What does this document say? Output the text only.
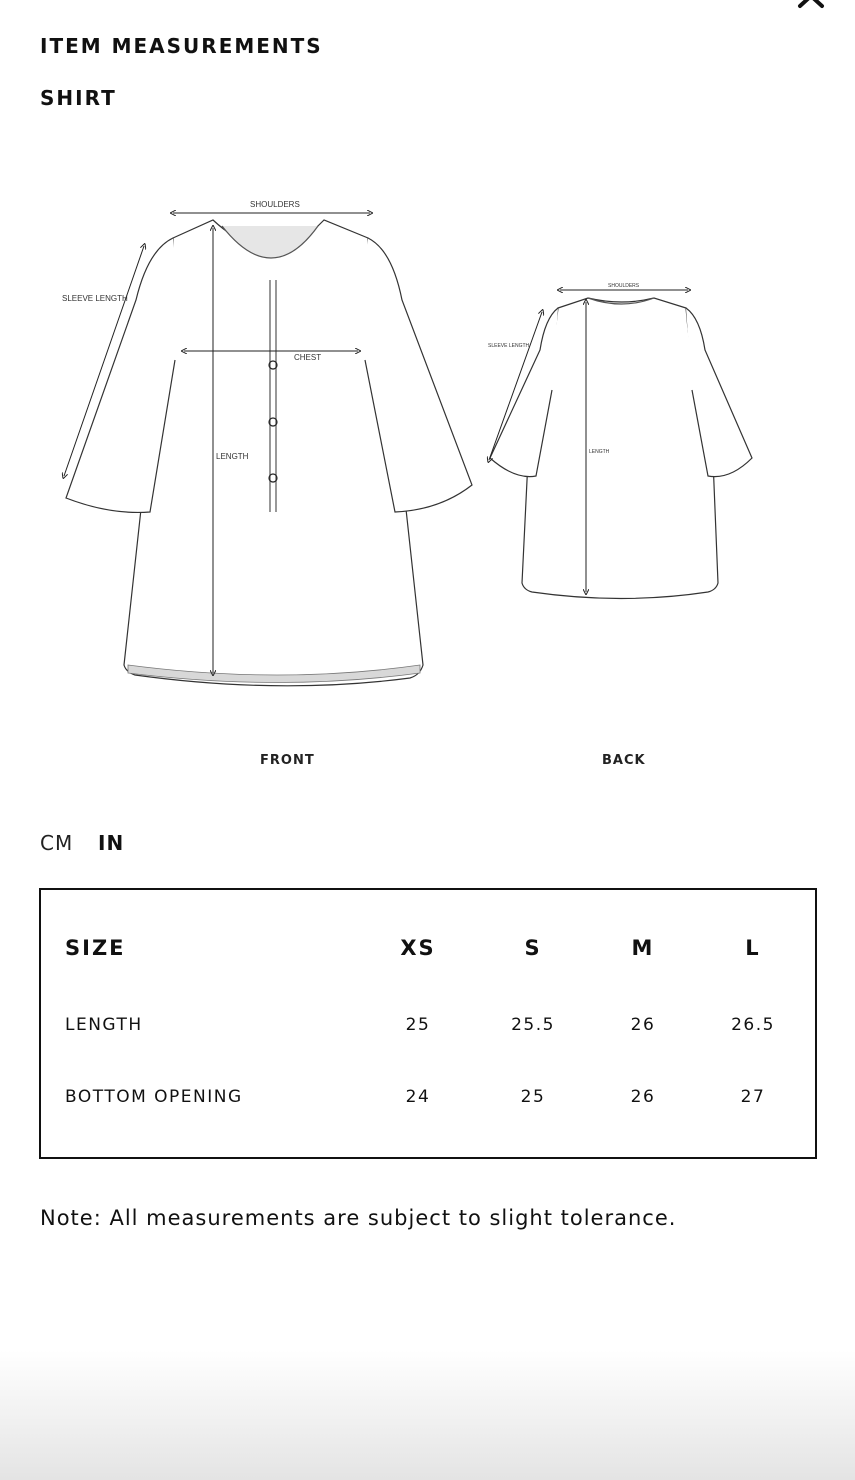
ITEM MEASUREMENTS
SHIRT
SHOULDERS
SLEEVE LENGTH
CHEST
LENGTH
SHOULDERS
SLEEVE LENGTH
LENGTH
FRONT	BACK
CM IN
SIZE	XS	S	M	L
LENGTH	25	25.5	26	26.5
BOTTOM OPENING	24	25	26	27
Note: All measurements are subject to slight tolerance.
